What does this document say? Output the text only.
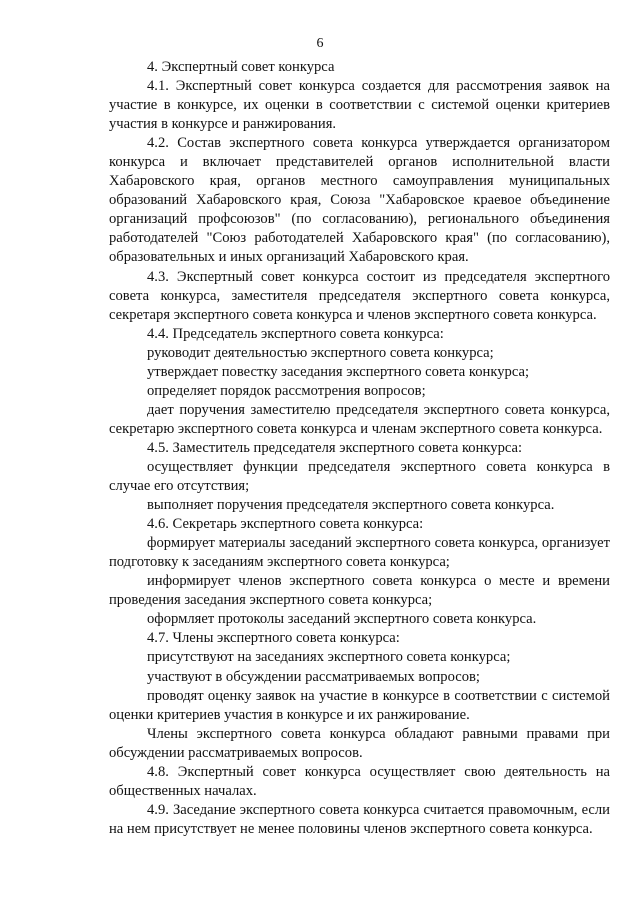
6

4. Экспертный совет конкурса

4.1. Экспертный совет конкурса создается для рассмотрения заявок на участие в конкурсе, их оценки в соответствии с системой оценки критериев участия в конкурсе и ранжирования.

4.2. Состав экспертного совета конкурса утверждается организатором конкурса и включает представителей органов исполнительной власти Хабаровского края, органов местного самоуправления муниципальных образований Хабаровского края, Союза "Хабаровское краевое объединение организаций профсоюзов" (по согласованию), регионального объединения работодателей "Союз работодателей Хабаровского края" (по согласованию), образовательных и иных организаций Хабаровского края.

4.3. Экспертный совет конкурса состоит из председателя экспертного совета конкурса, заместителя председателя экспертного совета конкурса, секретаря экспертного совета конкурса и членов экспертного совета конкурса.

4.4. Председатель экспертного совета конкурса:

руководит деятельностью экспертного совета конкурса;

утверждает повестку заседания экспертного совета конкурса;

определяет порядок рассмотрения вопросов;

дает поручения заместителю председателя экспертного совета конкурса, секретарю экспертного совета конкурса и членам экспертного совета конкурса.

4.5. Заместитель председателя экспертного совета конкурса:

осуществляет функции председателя экспертного совета конкурса в случае его отсутствия;

выполняет поручения председателя экспертного совета конкурса.

4.6. Секретарь экспертного совета конкурса:

формирует материалы заседаний экспертного совета конкурса, организует подготовку к заседаниям экспертного совета конкурса;

информирует членов экспертного совета конкурса о месте и времени проведения заседания экспертного совета конкурса;

оформляет протоколы заседаний экспертного совета конкурса.

4.7. Члены экспертного совета конкурса:

присутствуют на заседаниях экспертного совета конкурса;

участвуют в обсуждении рассматриваемых вопросов;

проводят оценку заявок на участие в конкурсе в соответствии с системой оценки критериев участия в конкурсе и их ранжирование.

Члены экспертного совета конкурса обладают равными правами при обсуждении рассматриваемых вопросов.

4.8. Экспертный совет конкурса осуществляет свою деятельность на общественных началах.

4.9. Заседание экспертного совета конкурса считается правомочным, если на нем присутствует не менее половины членов экспертного совета конкурса.
